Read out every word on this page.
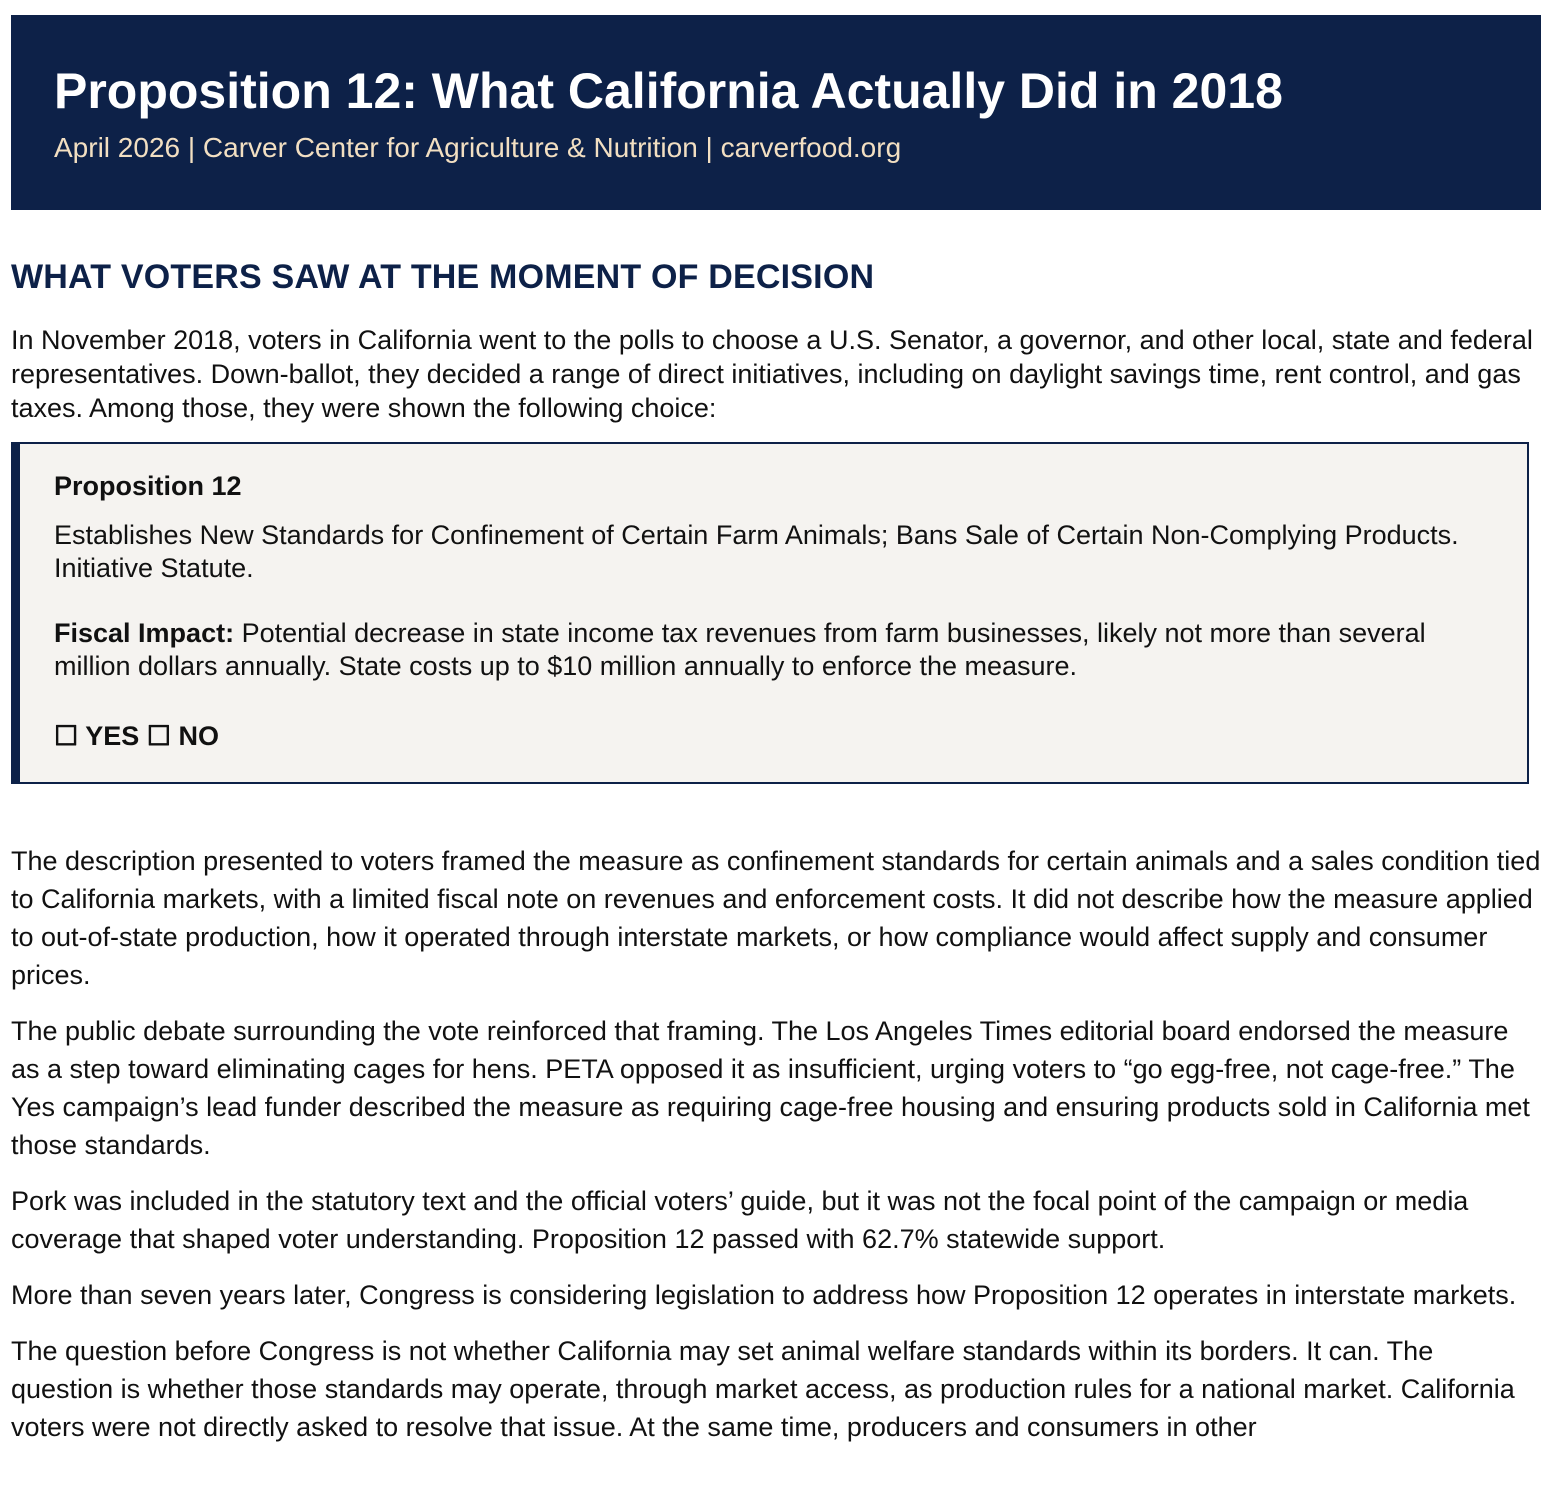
Proposition 12: What California Actually Did in 2018

April 2026 | Carver Center for Agriculture & Nutrition | carverfood.org

WHAT VOTERS SAW AT THE MOMENT OF DECISION

In November 2018, voters in California went to the polls to choose a U.S. Senator, a governor, and other local, state and federal representatives. Down-ballot, they decided a range of direct initiatives, including on daylight savings time, rent control, and gas taxes. Among those, they were shown the following choice:

Proposition 12

Establishes New Standards for Confinement of Certain Farm Animals; Bans Sale of Certain Non-Complying Products. Initiative Statute.

Fiscal Impact: Potential decrease in state income tax revenues from farm businesses, likely not more than several million dollars annually. State costs up to $10 million annually to enforce the measure.

☐ YES ☐ NO

The description presented to voters framed the measure as confinement standards for certain animals and a sales condition tied to California markets, with a limited fiscal note on revenues and enforcement costs. It did not describe how the measure applied to out-of-state production, how it operated through interstate markets, or how compliance would affect supply and consumer prices.

The public debate surrounding the vote reinforced that framing. The Los Angeles Times editorial board endorsed the measure as a step toward eliminating cages for hens. PETA opposed it as insufficient, urging voters to “go egg-free, not cage-free.” The Yes campaign’s lead funder described the measure as requiring cage-free housing and ensuring products sold in California met those standards.

Pork was included in the statutory text and the official voters’ guide, but it was not the focal point of the campaign or media coverage that shaped voter understanding. Proposition 12 passed with 62.7% statewide support.

More than seven years later, Congress is considering legislation to address how Proposition 12 operates in interstate markets.

The question before Congress is not whether California may set animal welfare standards within its borders. It can. The question is whether those standards may operate, through market access, as production rules for a national market. California voters were not directly asked to resolve that issue. At the same time, producers and consumers in other
